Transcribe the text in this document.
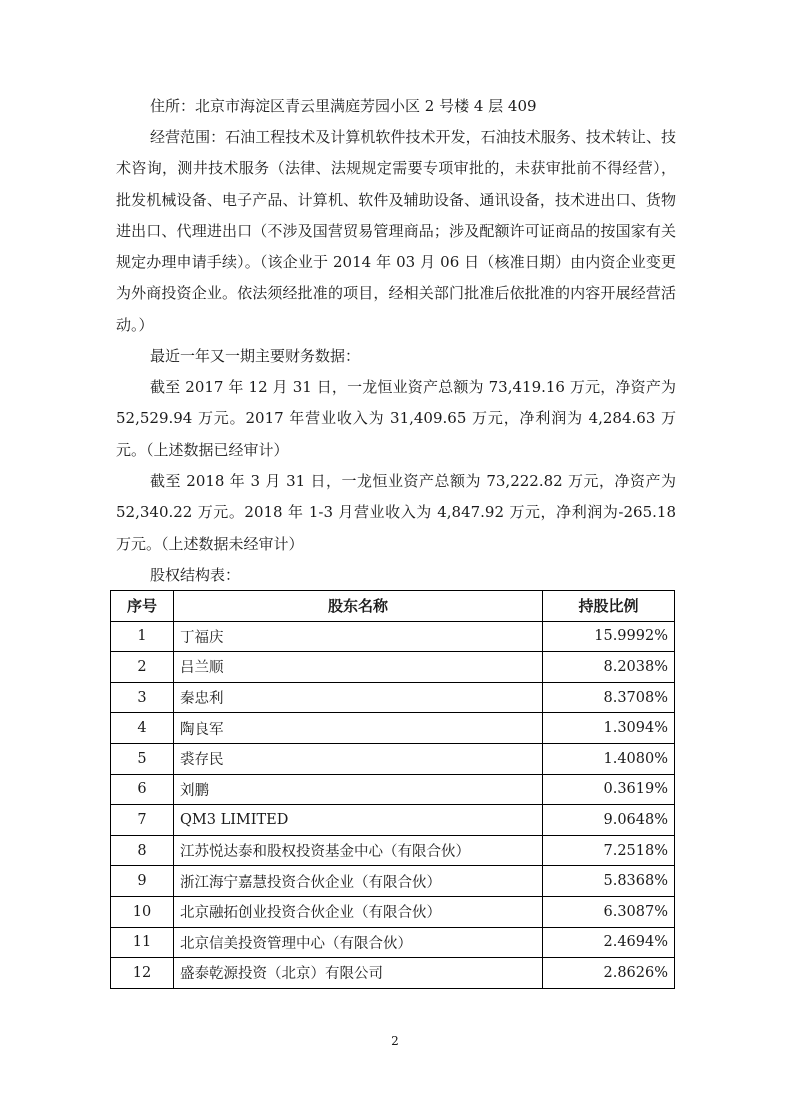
住所：北京市海淀区青云里满庭芳园小区 2 号楼 4 层 409

经营范围：石油工程技术及计算机软件技术开发，石油技术服务、技术转让、技术咨询，测井技术服务（法律、法规规定需要专项审批的，未获审批前不得经营），批发机械设备、电子产品、计算机、软件及辅助设备、通讯设备，技术进出口、货物进出口、代理进出口（不涉及国营贸易管理商品；涉及配额许可证商品的按国家有关规定办理申请手续）。（该企业于 2014 年 03 月 06 日（核准日期）由内资企业变更为外商投资企业。依法须经批准的项目，经相关部门批准后依批准的内容开展经营活动。）

最近一年又一期主要财务数据：

截至 2017 年 12 月 31 日，一龙恒业资产总额为 73,419.16 万元，净资产为 52,529.94 万元。2017 年营业收入为 31,409.65 万元，净利润为 4,284.63 万元。（上述数据已经审计）

截至 2018 年 3 月 31 日，一龙恒业资产总额为 73,222.82 万元，净资产为 52,340.22 万元。2018 年 1-3 月营业收入为 4,847.92 万元，净利润为-265.18 万元。（上述数据未经审计）

股权结构表：

序号	股东名称	持股比例
1	丁福庆	15.9992%
2	吕兰顺	8.2038%
3	秦忠利	8.3708%
4	陶良军	1.3094%
5	裘存民	1.4080%
6	刘鹏	0.3619%
7	QM3 LIMITED	9.0648%
8	江苏悦达泰和股权投资基金中心（有限合伙）	7.2518%
9	浙江海宁嘉慧投资合伙企业（有限合伙）	5.8368%
10	北京融拓创业投资合伙企业（有限合伙）	6.3087%
11	北京信美投资管理中心（有限合伙）	2.4694%
12	盛泰乾源投资（北京）有限公司	2.8626%
2
